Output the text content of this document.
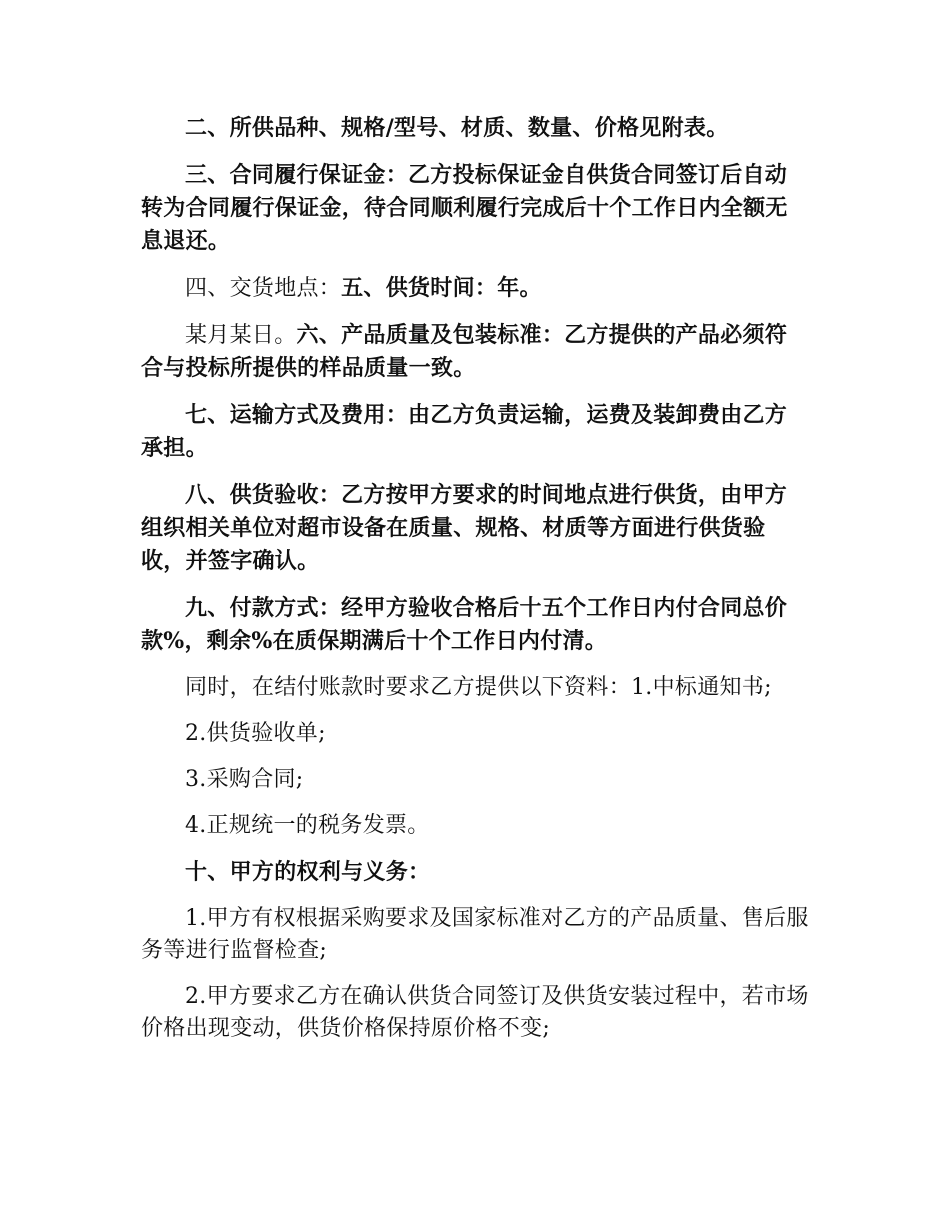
二、所供品种、规格/型号、材质、数量、价格见附表。

三、合同履行保证金：乙方投标保证金自供货合同签订后自动转为合同履行保证金，待合同顺利履行完成后十个工作日内全额无息退还。

四、交货地点：五、供货时间：年。

某月某日。六、产品质量及包装标准：乙方提供的产品必须符合与投标所提供的样品质量一致。

七、运输方式及费用：由乙方负责运输，运费及装卸费由乙方承担。

八、供货验收：乙方按甲方要求的时间地点进行供货，由甲方组织相关单位对超市设备在质量、规格、材质等方面进行供货验收，并签字确认。

九、付款方式：经甲方验收合格后十五个工作日内付合同总价款%，剩余%在质保期满后十个工作日内付清。

同时，在结付账款时要求乙方提供以下资料：1.中标通知书;

2.供货验收单;

3.采购合同;

4.正规统一的税务发票。

十、甲方的权利与义务：

1.甲方有权根据采购要求及国家标准对乙方的产品质量、售后服务等进行监督检查;

2.甲方要求乙方在确认供货合同签订及供货安装过程中，若市场价格出现变动，供货价格保持原价格不变;
